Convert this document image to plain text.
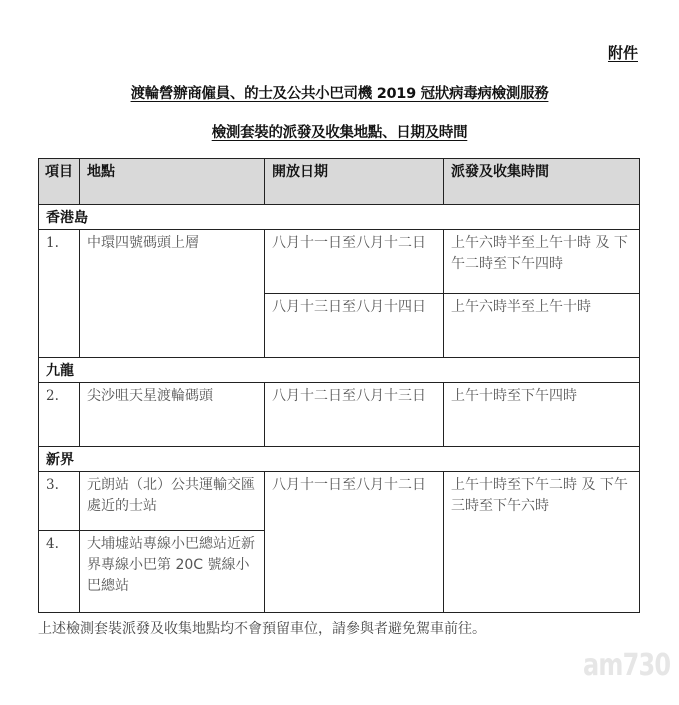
附件
渡輪營辦商僱員、的士及公共小巴司機 2019 冠狀病毒病檢測服務
檢測套裝的派發及收集地點、日期及時間
項目	地點	開放日期	派發及收集時間
香港島			
1.	中環四號碼頭上層	八月十一日至八月十二日	上午六時半至上午十時 及 下午二時至下午四時
		八月十三日至八月十四日	上午六時半至上午十時
九龍			
2.	尖沙咀天星渡輪碼頭	八月十二日至八月十三日	上午十時至下午四時
新界			
3.	元朗站（北）公共運輸交匯處近的士站	八月十一日至八月十二日	上午十時至下午二時 及 下午三時至下午六時
4.	大埔墟站專線小巴總站近新界專線小巴第 20C 號線小巴總站		
上述檢測套裝派發及收集地點均不會預留車位，請參與者避免駕車前往。
am730
